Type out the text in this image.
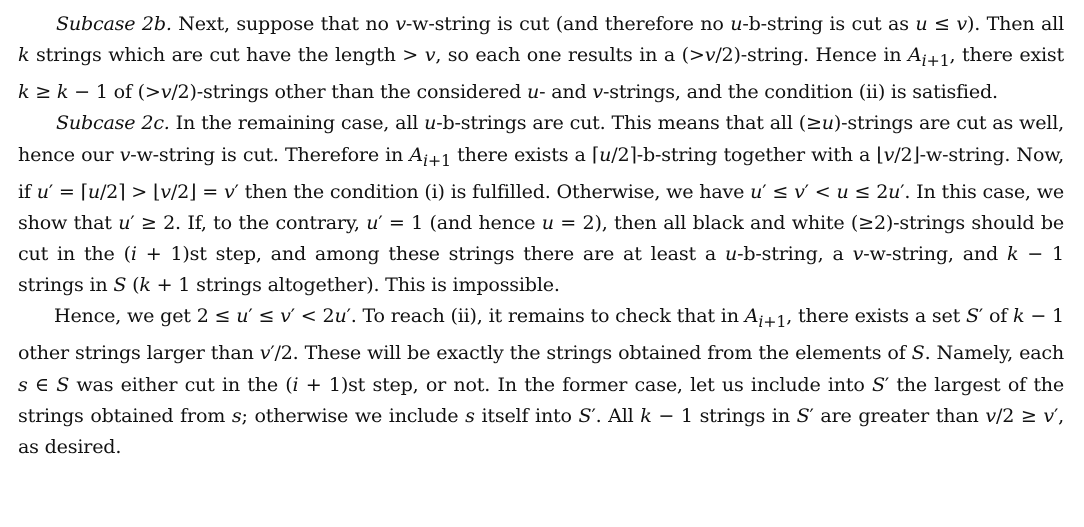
Subcase 2b. Next, suppose that no v-w-string is cut (and therefore no u-b-string is cut as u ≤ v). Then all k strings which are cut have the length > v, so each one results in a (>v/2)-string. Hence in $A_{i+1}$, there exist k ≥ k − 1 of (>v/2)-strings other than the considered u- and v-strings, and the condition (ii) is satisfied.

Subcase 2c. In the remaining case, all u-b-strings are cut. This means that all (≥u)-strings are cut as well, hence our v-w-string is cut. Therefore in $A_{i+1}$ there exists a ⌈u/2⌉-b-string together with a ⌊v/2⌋-w-string. Now, if u′ = ⌈u/2⌉ > ⌊v/2⌋ = v′ then the condition (i) is fulfilled. Otherwise, we have u′ ≤ v′ < u ≤ 2u′. In this case, we show that u′ ≥ 2. If, to the contrary, u′ = 1 (and hence u = 2), then all black and white (≥2)-strings should be cut in the (i + 1)st step, and among these strings there are at least a u-b-string, a v-w-string, and k − 1 strings in S (k + 1 strings altogether). This is impossible.

Hence, we get 2 ≤ u′ ≤ v′ < 2u′. To reach (ii), it remains to check that in $A_{i+1}$, there exists a set S′ of k − 1 other strings larger than v′/2. These will be exactly the strings obtained from the elements of S. Namely, each s ∈ S was either cut in the (i + 1)st step, or not. In the former case, let us include into S′ the largest of the strings obtained from s; otherwise we include s itself into S′. All k − 1 strings in S′ are greater than v/2 ≥ v′, as desired.
